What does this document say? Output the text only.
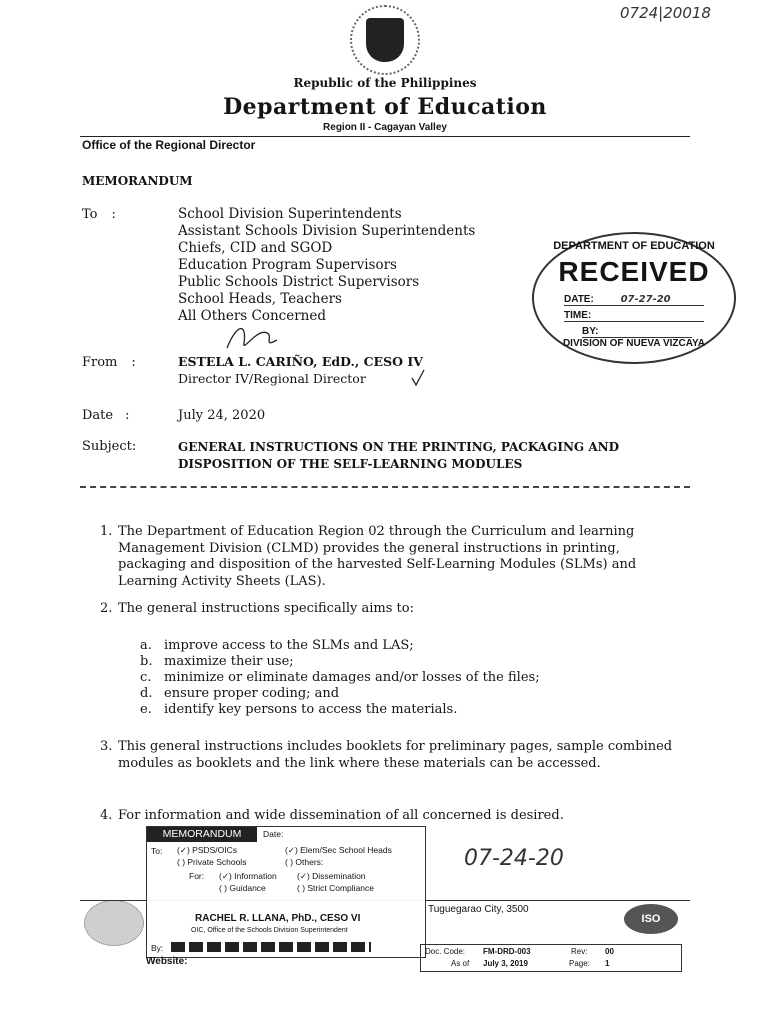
0724|20018
Republic of the Philippines
Department of Education
Region II - Cagayan Valley
Office of the Regional Director
MEMORANDUM
To :	School Division Superintendents
Assistant Schools Division Superintendents
Chiefs, CID and SGOD
Education Program Supervisors
Public Schools District Supervisors
School Heads, Teachers
All Others Concerned
From :	ESTELA L. CARIÑO, EdD., CESO IV
Director IV/Regional Director
Date :	July 24, 2020
Subject:	GENERAL INSTRUCTIONS ON THE PRINTING, PACKAGING AND
DISPOSITION OF THE SELF-LEARNING MODULES
DEPARTMENT OF EDUCATION
RECEIVED
DATE:	07-27-20
TIME:
BY:
DIVISION OF NUEVA VIZCAYA
1. The Department of Education Region 02 through the Curriculum and learning Management Division (CLMD) provides the general instructions in printing, packaging and disposition of the harvested Self-Learning Modules (SLMs) and Learning Activity Sheets (LAS).
2. The general instructions specifically aims to:
a. improve access to the SLMs and LAS;
b. maximize their use;
c. minimize or eliminate damages and/or losses of the files;
d. ensure proper coding; and
e. identify key persons to access the materials.
3. This general instructions includes booklets for preliminary pages, sample combined modules as booklets and the link where these materials can be accessed.
4. For information and wide dissemination of all concerned is desired.
07-24-20
Tuguegarao City, 3500
ISO
MEMORANDUM	Date:
To: (✓) PSDS/OICs	(✓) Elem/Sec School Heads
( ) Private Schools	( ) Others:
For: (✓) Information (✓) Dissemination
( ) Guidance	( ) Strict Compliance
RACHEL R. LLANA, PhD., CESO VI
OIC, Office of the Schools Division Superintendent
By:
Website:
Doc. Code: FM-DRD-003	Rev: 00
As of July 3, 2019	Page: 1
